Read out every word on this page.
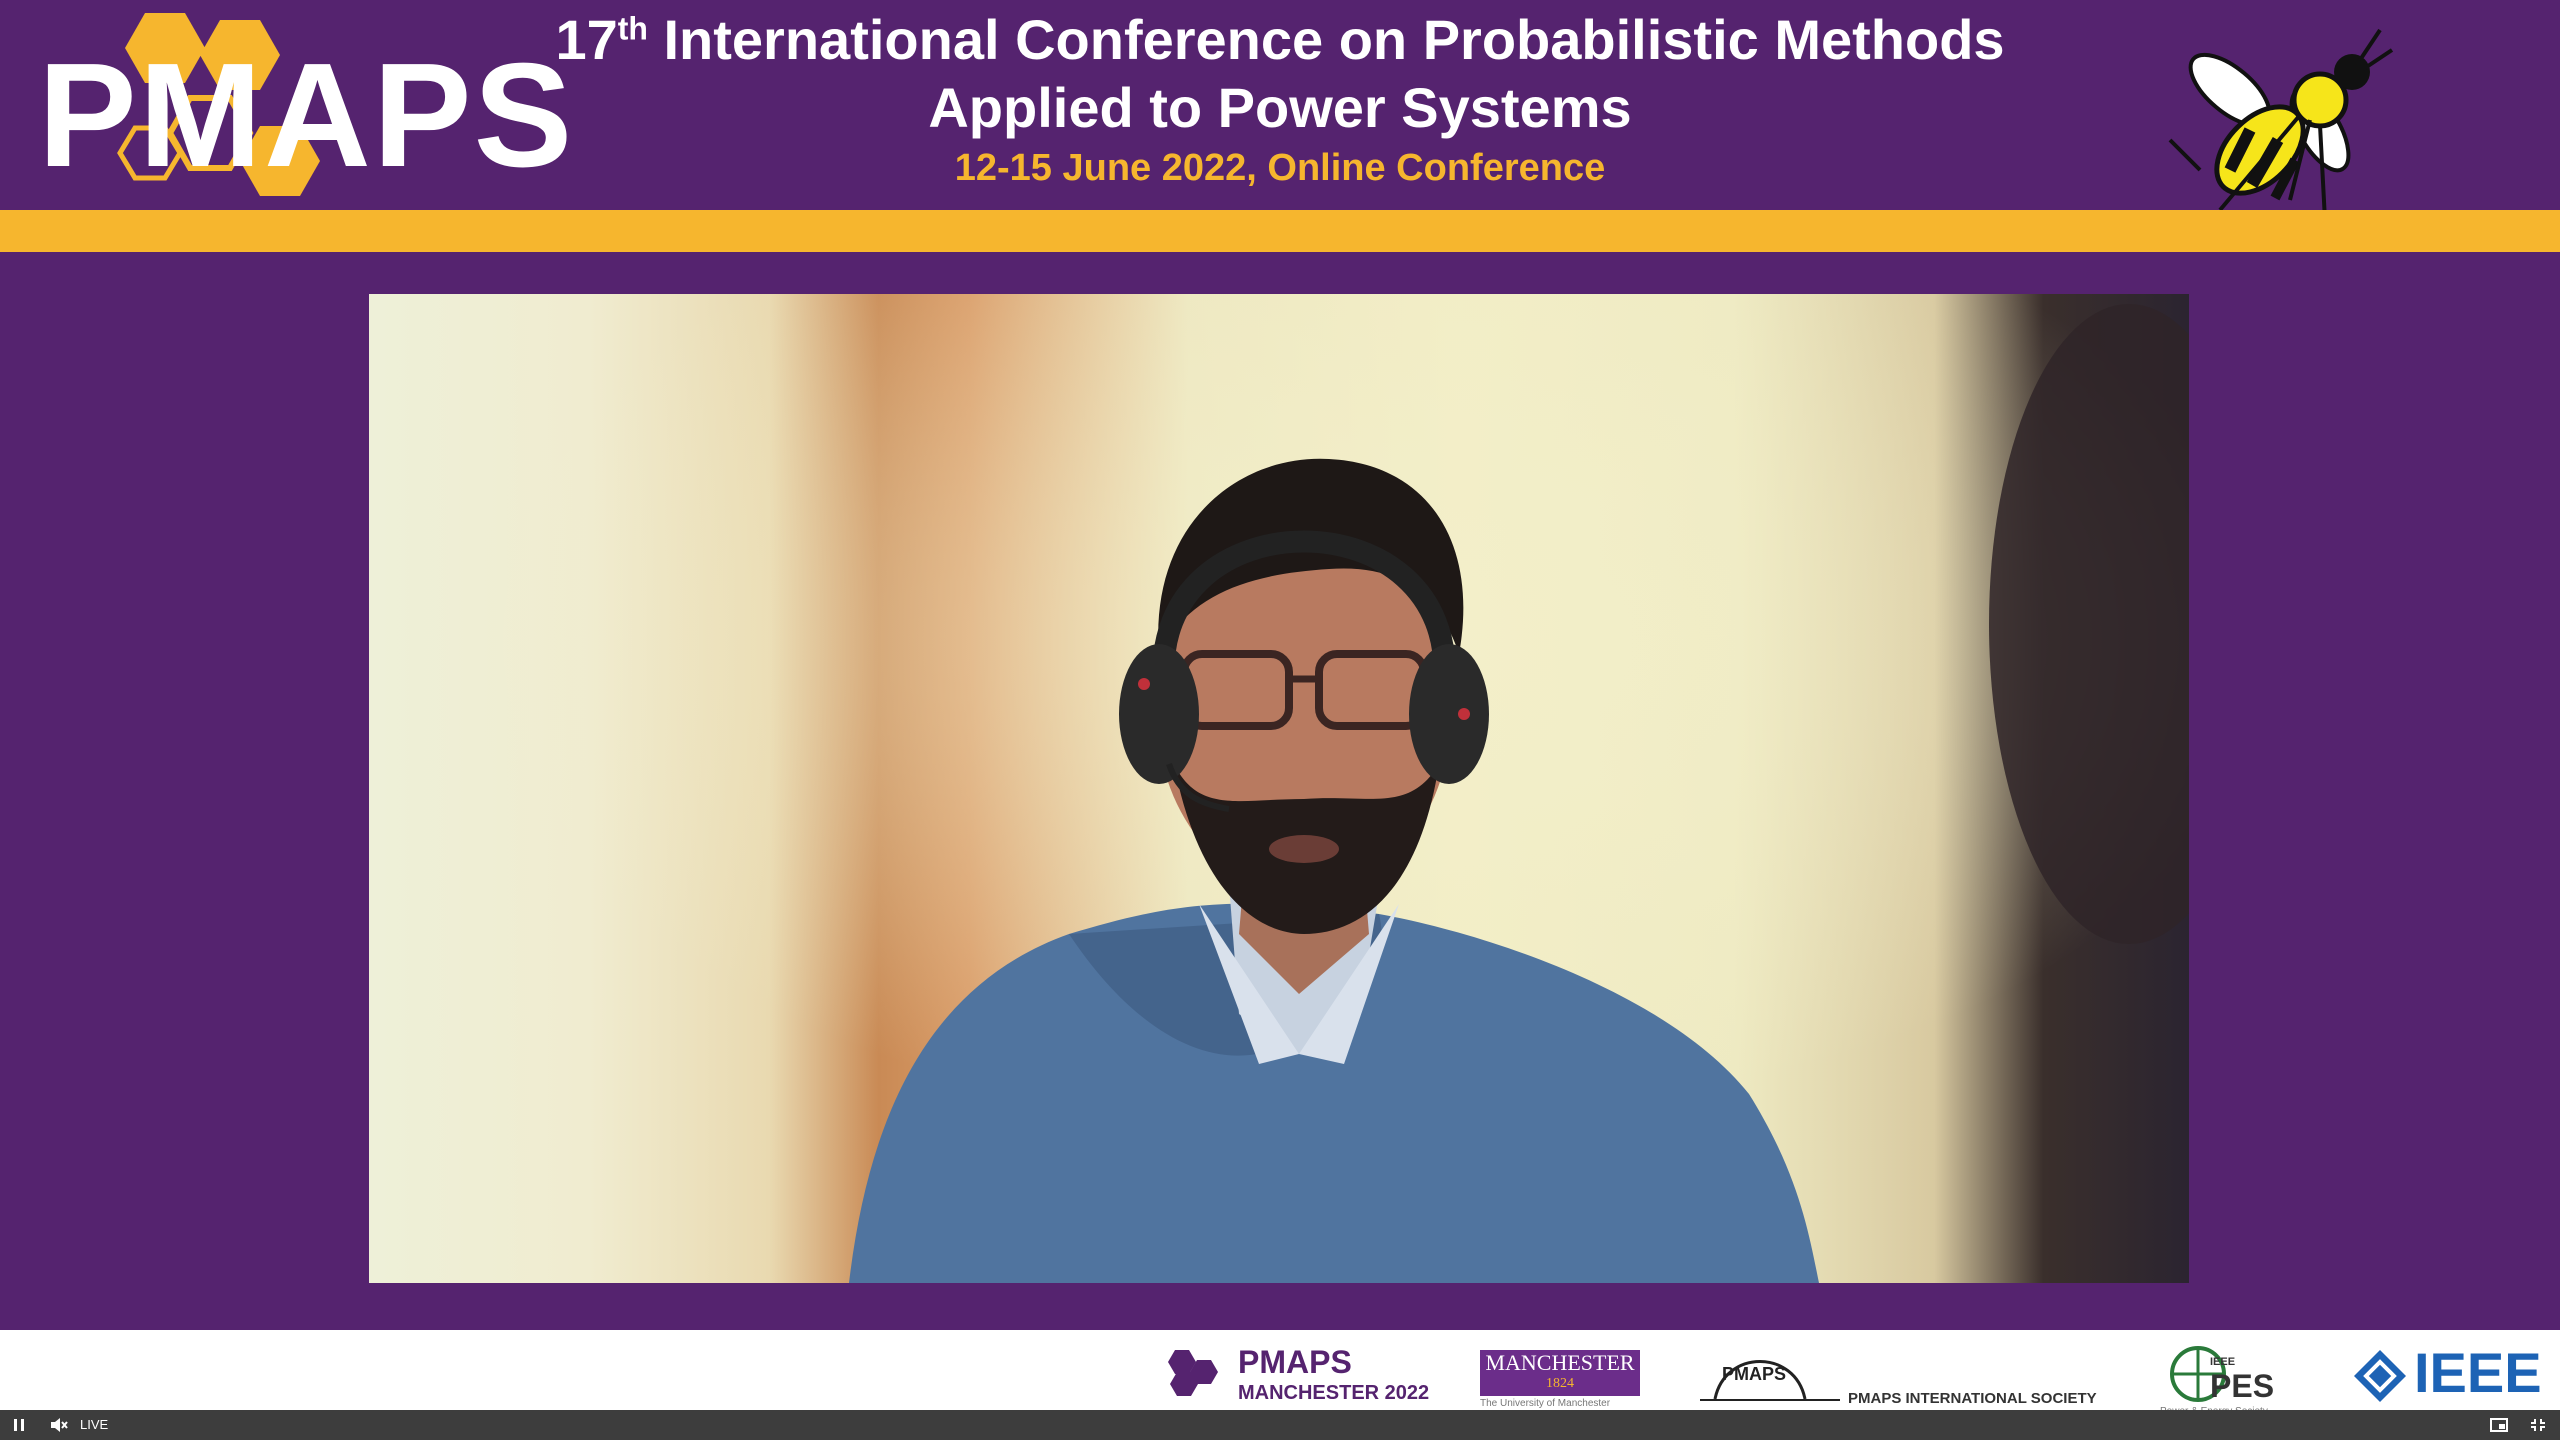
PMAPS
17th International Conference on Probabilistic Methods
Applied to Power Systems
12-15 June 2022, Online Conference
PMAPS
MANCHESTER 2022
MANCHESTER
1824
The University of Manchester
PMAPS
PMAPS INTERNATIONAL SOCIETY
IEEE
PES IEEE
LIVE
